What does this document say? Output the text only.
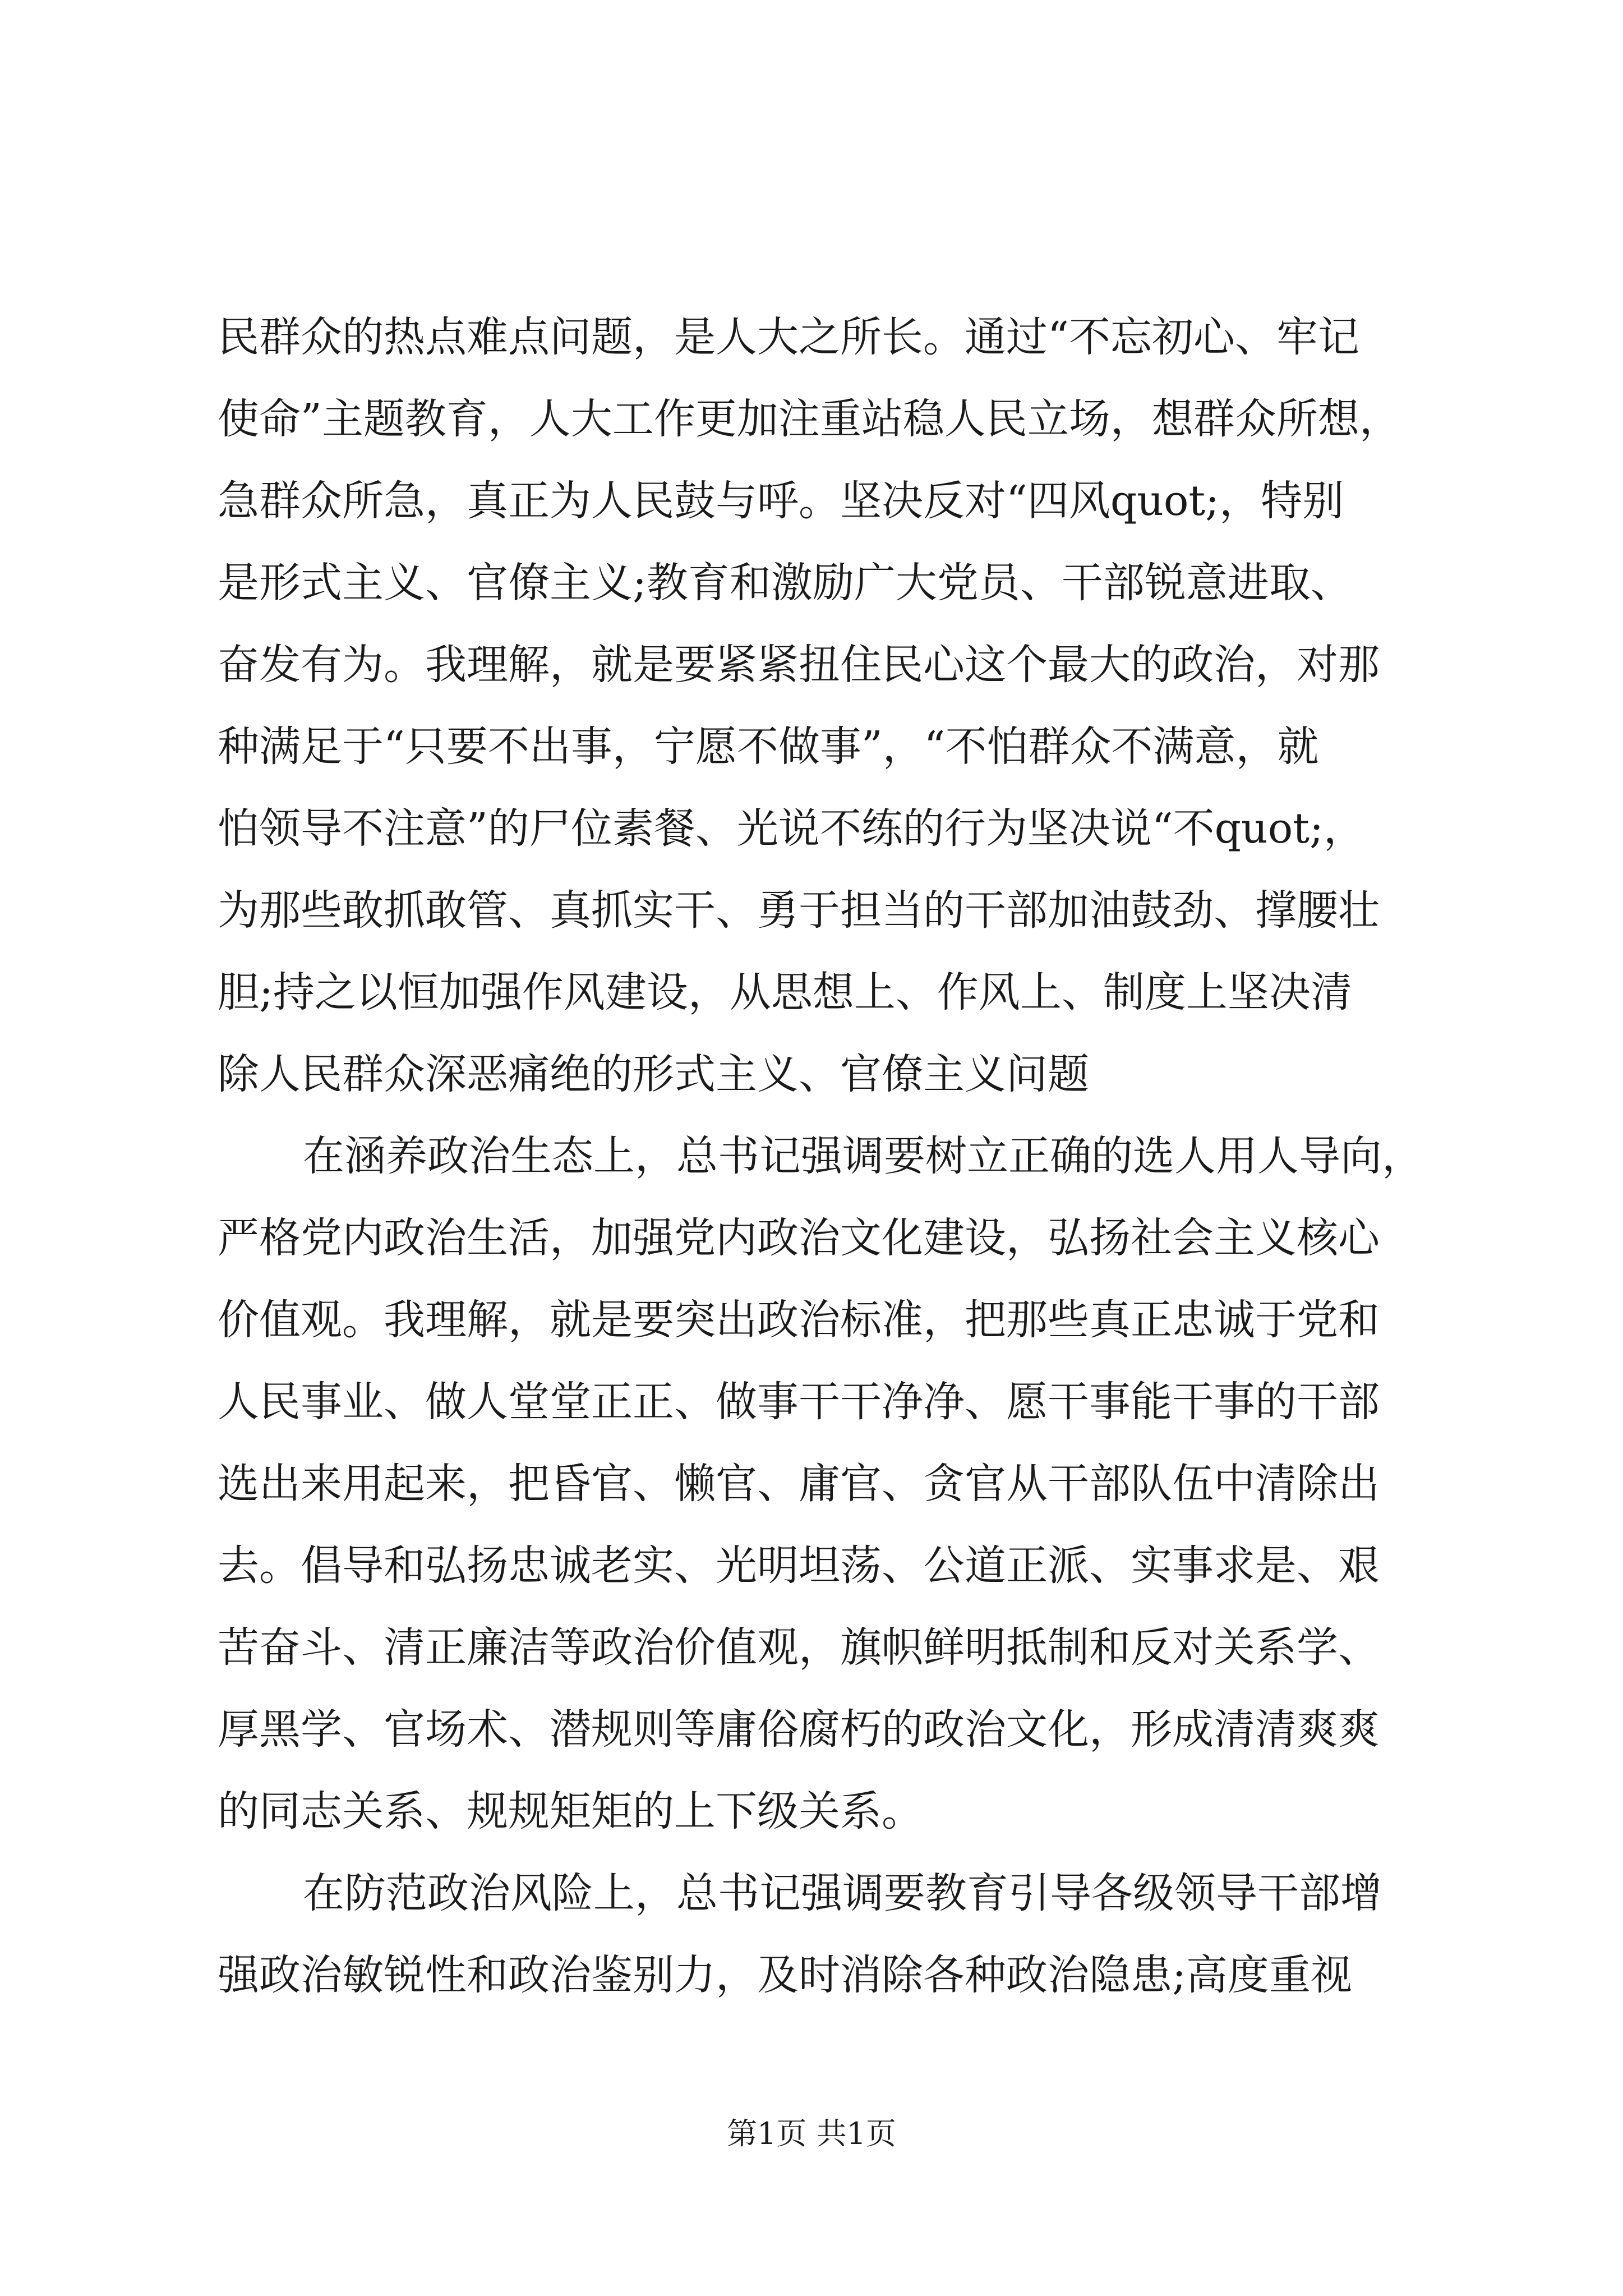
民群众的热点难点问题，是人大之所长。通过“不忘初心、牢记
使命”主题教育，人大工作更加注重站稳人民立场，想群众所想，
急群众所急，真正为人民鼓与呼。坚决反对“四风quot;，特别
是形式主义、官僚主义;教育和激励广大党员、干部锐意进取、
奋发有为。我理解，就是要紧紧扭住民心这个最大的政治，对那
种满足于“只要不出事，宁愿不做事”，“不怕群众不满意，就
怕领导不注意”的尸位素餐、光说不练的行为坚决说“不quot;，
为那些敢抓敢管、真抓实干、勇于担当的干部加油鼓劲、撑腰壮
胆;持之以恒加强作风建设，从思想上、作风上、制度上坚决清
除人民群众深恶痛绝的形式主义、官僚主义问题
在涵养政治生态上，总书记强调要树立正确的选人用人导向，
严格党内政治生活，加强党内政治文化建设，弘扬社会主义核心
价值观。我理解，就是要突出政治标准，把那些真正忠诚于党和
人民事业、做人堂堂正正、做事干干净净、愿干事能干事的干部
选出来用起来，把昏官、懒官、庸官、贪官从干部队伍中清除出
去。倡导和弘扬忠诚老实、光明坦荡、公道正派、实事求是、艰
苦奋斗、清正廉洁等政治价值观，旗帜鲜明抵制和反对关系学、
厚黑学、官场术、潜规则等庸俗腐朽的政治文化，形成清清爽爽
的同志关系、规规矩矩的上下级关系。
在防范政治风险上，总书记强调要教育引导各级领导干部增
强政治敏锐性和政治鉴别力，及时消除各种政治隐患;高度重视
第1页 共1页
